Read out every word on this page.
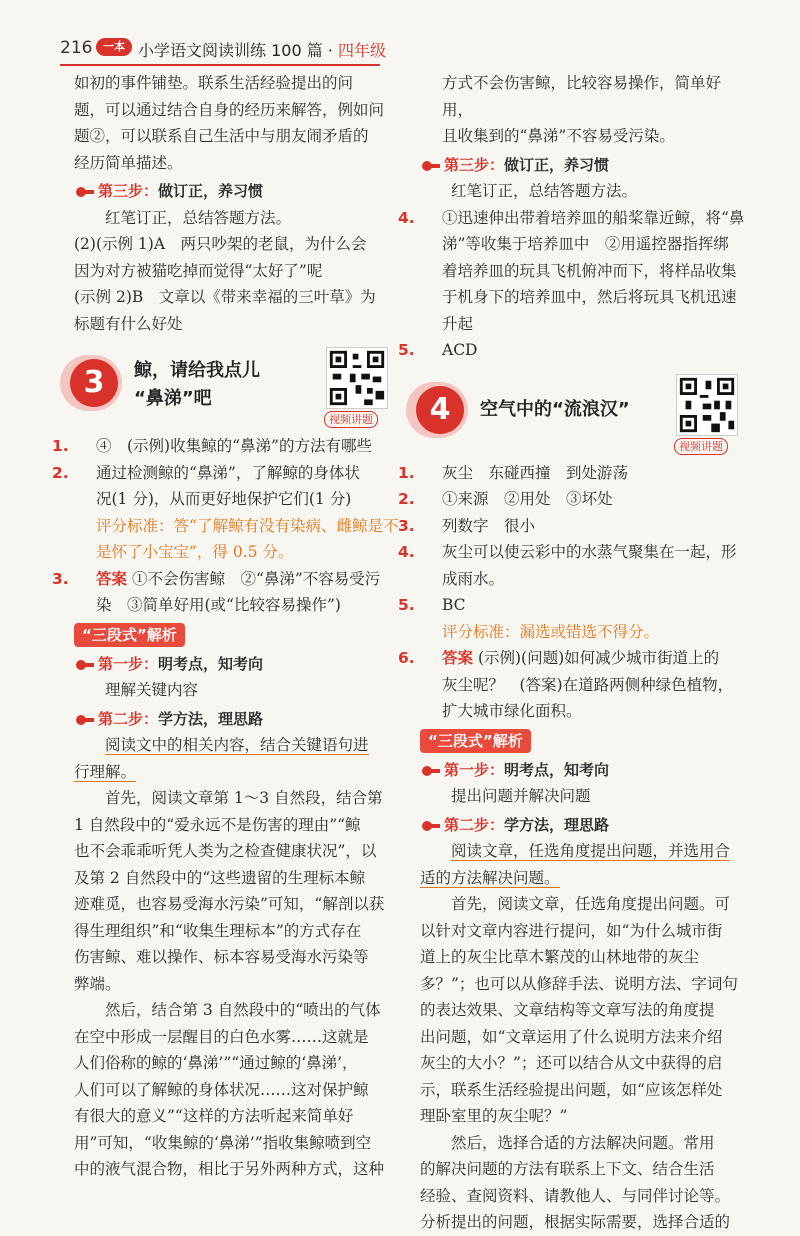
216 一本 小学语文阅读训练 100 篇 · 四年级
如初的事件铺垫。联系生活经验提出的问
题，可以通过结合自身的经历来解答，例如问
题②，可以联系自己生活中与朋友闹矛盾的
经历简单描述。
第三步：做订正，养习惯
红笔订正，总结答题方法。
(2)(示例 1)A　两只吵架的老鼠，为什么会
因为对方被猫吃掉而觉得“太好了”呢
(示例 2)B　文章以《带来幸福的三叶草》为
标题有什么好处
3	鲸，请给我点儿
“鼻涕”吧
视频讲题
1. ④　(示例)收集鲸的“鼻涕”的方法有哪些
2. 通过检测鲸的“鼻涕”，了解鲸的身体状
况(1 分)，从而更好地保护它们(1 分)
评分标准：答“了解鲸有没有染病、雌鲸是不
是怀了小宝宝”，得 0.5 分。
3. 答案 ①不会伤害鲸　②“鼻涕”不容易受污
染　③简单好用(或“比较容易操作”)
“三段式”解析
第一步：明考点，知考向
理解关键内容
第二步：学方法，理思路
阅读文中的相关内容，结合关键语句进
行理解。
首先，阅读文章第 1～3 自然段，结合第
1 自然段中的“爱永远不是伤害的理由”“鲸
也不会乖乖听凭人类为之检查健康状况”，以
及第 2 自然段中的“这些遗留的生理标本鲸
迹难觅，也容易受海水污染”可知，“解剖以获
得生理组织”和“收集生理标本”的方式存在
伤害鲸、难以操作、标本容易受海水污染等
弊端。
然后，结合第 3 自然段中的“喷出的气体
在空中形成一层醒目的白色水雾……这就是
人们俗称的鲸的‘鼻涕’”“通过鲸的‘鼻涕’，
人们可以了解鲸的身体状况……这对保护鲸
有很大的意义”“这样的方法听起来简单好
用”可知，“收集鲸的‘鼻涕’”指收集鲸喷到空
中的液气混合物，相比于另外两种方式，这种
方式不会伤害鲸，比较容易操作，简单好用，
且收集到的“鼻涕”不容易受污染。
第三步：做订正，养习惯
红笔订正，总结答题方法。
4. ①迅速伸出带着培养皿的船桨靠近鲸，将“鼻
涕”等收集于培养皿中　②用遥控器指挥绑
着培养皿的玩具飞机俯冲而下，将样品收集
于机身下的培养皿中，然后将玩具飞机迅速
升起
5. ACD
4	空气中的“流浪汉”
视频讲题
1. 灰尘　东碰西撞　到处游荡
2. ①来源　②用处　③坏处
3. 列数字　很小
4. 灰尘可以使云彩中的水蒸气聚集在一起，形
成雨水。
5. BC
评分标准：漏选或错选不得分。
6. 答案 (示例)(问题)如何减少城市街道上的
灰尘呢？　(答案)在道路两侧种绿色植物，
扩大城市绿化面积。
“三段式”解析
第一步：明考点，知考向
提出问题并解决问题
第二步：学方法，理思路
阅读文章，任选角度提出问题，并选用合
适的方法解决问题。
首先，阅读文章，任选角度提出问题。可
以针对文章内容进行提问，如“为什么城市街
道上的灰尘比草木繁茂的山林地带的灰尘
多？”；也可以从修辞手法、说明方法、字词句
的表达效果、文章结构等文章写法的角度提
出问题，如“文章运用了什么说明方法来介绍
灰尘的大小？”；还可以结合从文中获得的启
示，联系生活经验提出问题，如“应该怎样处
理卧室里的灰尘呢？”
然后，选择合适的方法解决问题。常用
的解决问题的方法有联系上下文、结合生活
经验、查阅资料、请教他人、与同伴讨论等。
分析提出的问题，根据实际需要，选择合适的
